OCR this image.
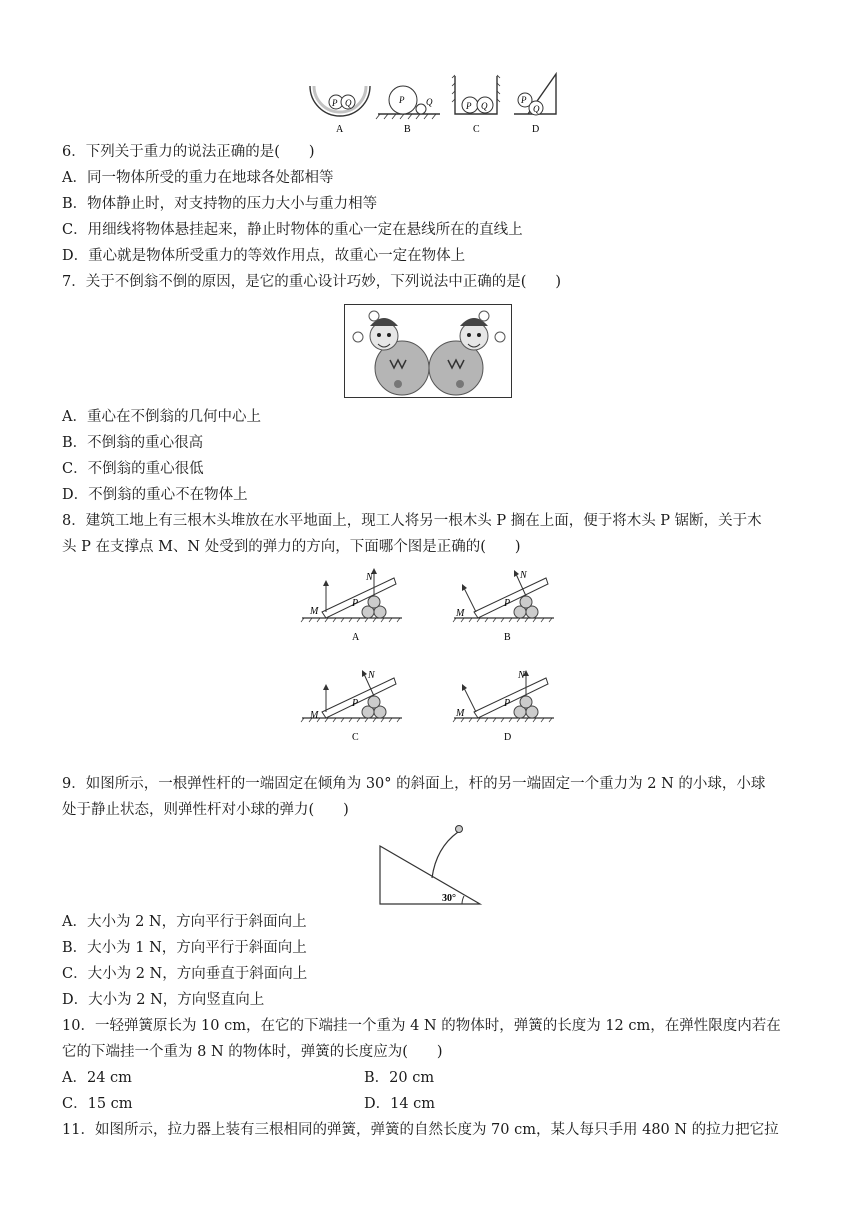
P Q
A
P Q
B
P Q
C
P
Q
D
6．下列关于重力的说法正确的是(　　)
A．同一物体所受的重力在地球各处都相等
B．物体静止时，对支持物的压力大小与重力相等
C．用细线将物体悬挂起来，静止时物体的重心一定在悬线所在的直线上
D．重心就是物体所受重力的等效作用点，故重心一定在物体上
7．关于不倒翁不倒的原因，是它的重心设计巧妙，下列说法中正确的是(　　)
A．重心在不倒翁的几何中心上
B．不倒翁的重心很高
C．不倒翁的重心很低
D．不倒翁的重心不在物体上
8．建筑工地上有三根木头堆放在水平地面上，现工人将另一根木头 P 搁在上面，便于将木头 P 锯断，关于木
头 P 在支撑点 M、N 处受到的弹力的方向，下面哪个图是正确的(　　)
M
N
P
A
M
N
P
B
M
N
P
C
M
N
P
D
9．如图所示，一根弹性杆的一端固定在倾角为 30° 的斜面上，杆的另一端固定一个重力为 2 N 的小球，小球
处于静止状态，则弹性杆对小球的弹力(　　)
30°
A．大小为 2 N，方向平行于斜面向上
B．大小为 1 N，方向平行于斜面向上
C．大小为 2 N，方向垂直于斜面向上
D．大小为 2 N，方向竖直向上
10．一轻弹簧原长为 10 cm，在它的下端挂一个重为 4 N 的物体时，弹簧的长度为 12 cm，在弹性限度内若在
它的下端挂一个重为 8 N 的物体时，弹簧的长度应为(　　)
A．24 cm	B．20 cm
C．15 cm	D．14 cm
11．如图所示，拉力器上装有三根相同的弹簧，弹簧的自然长度为 70 cm，某人每只手用 480 N 的拉力把它拉
